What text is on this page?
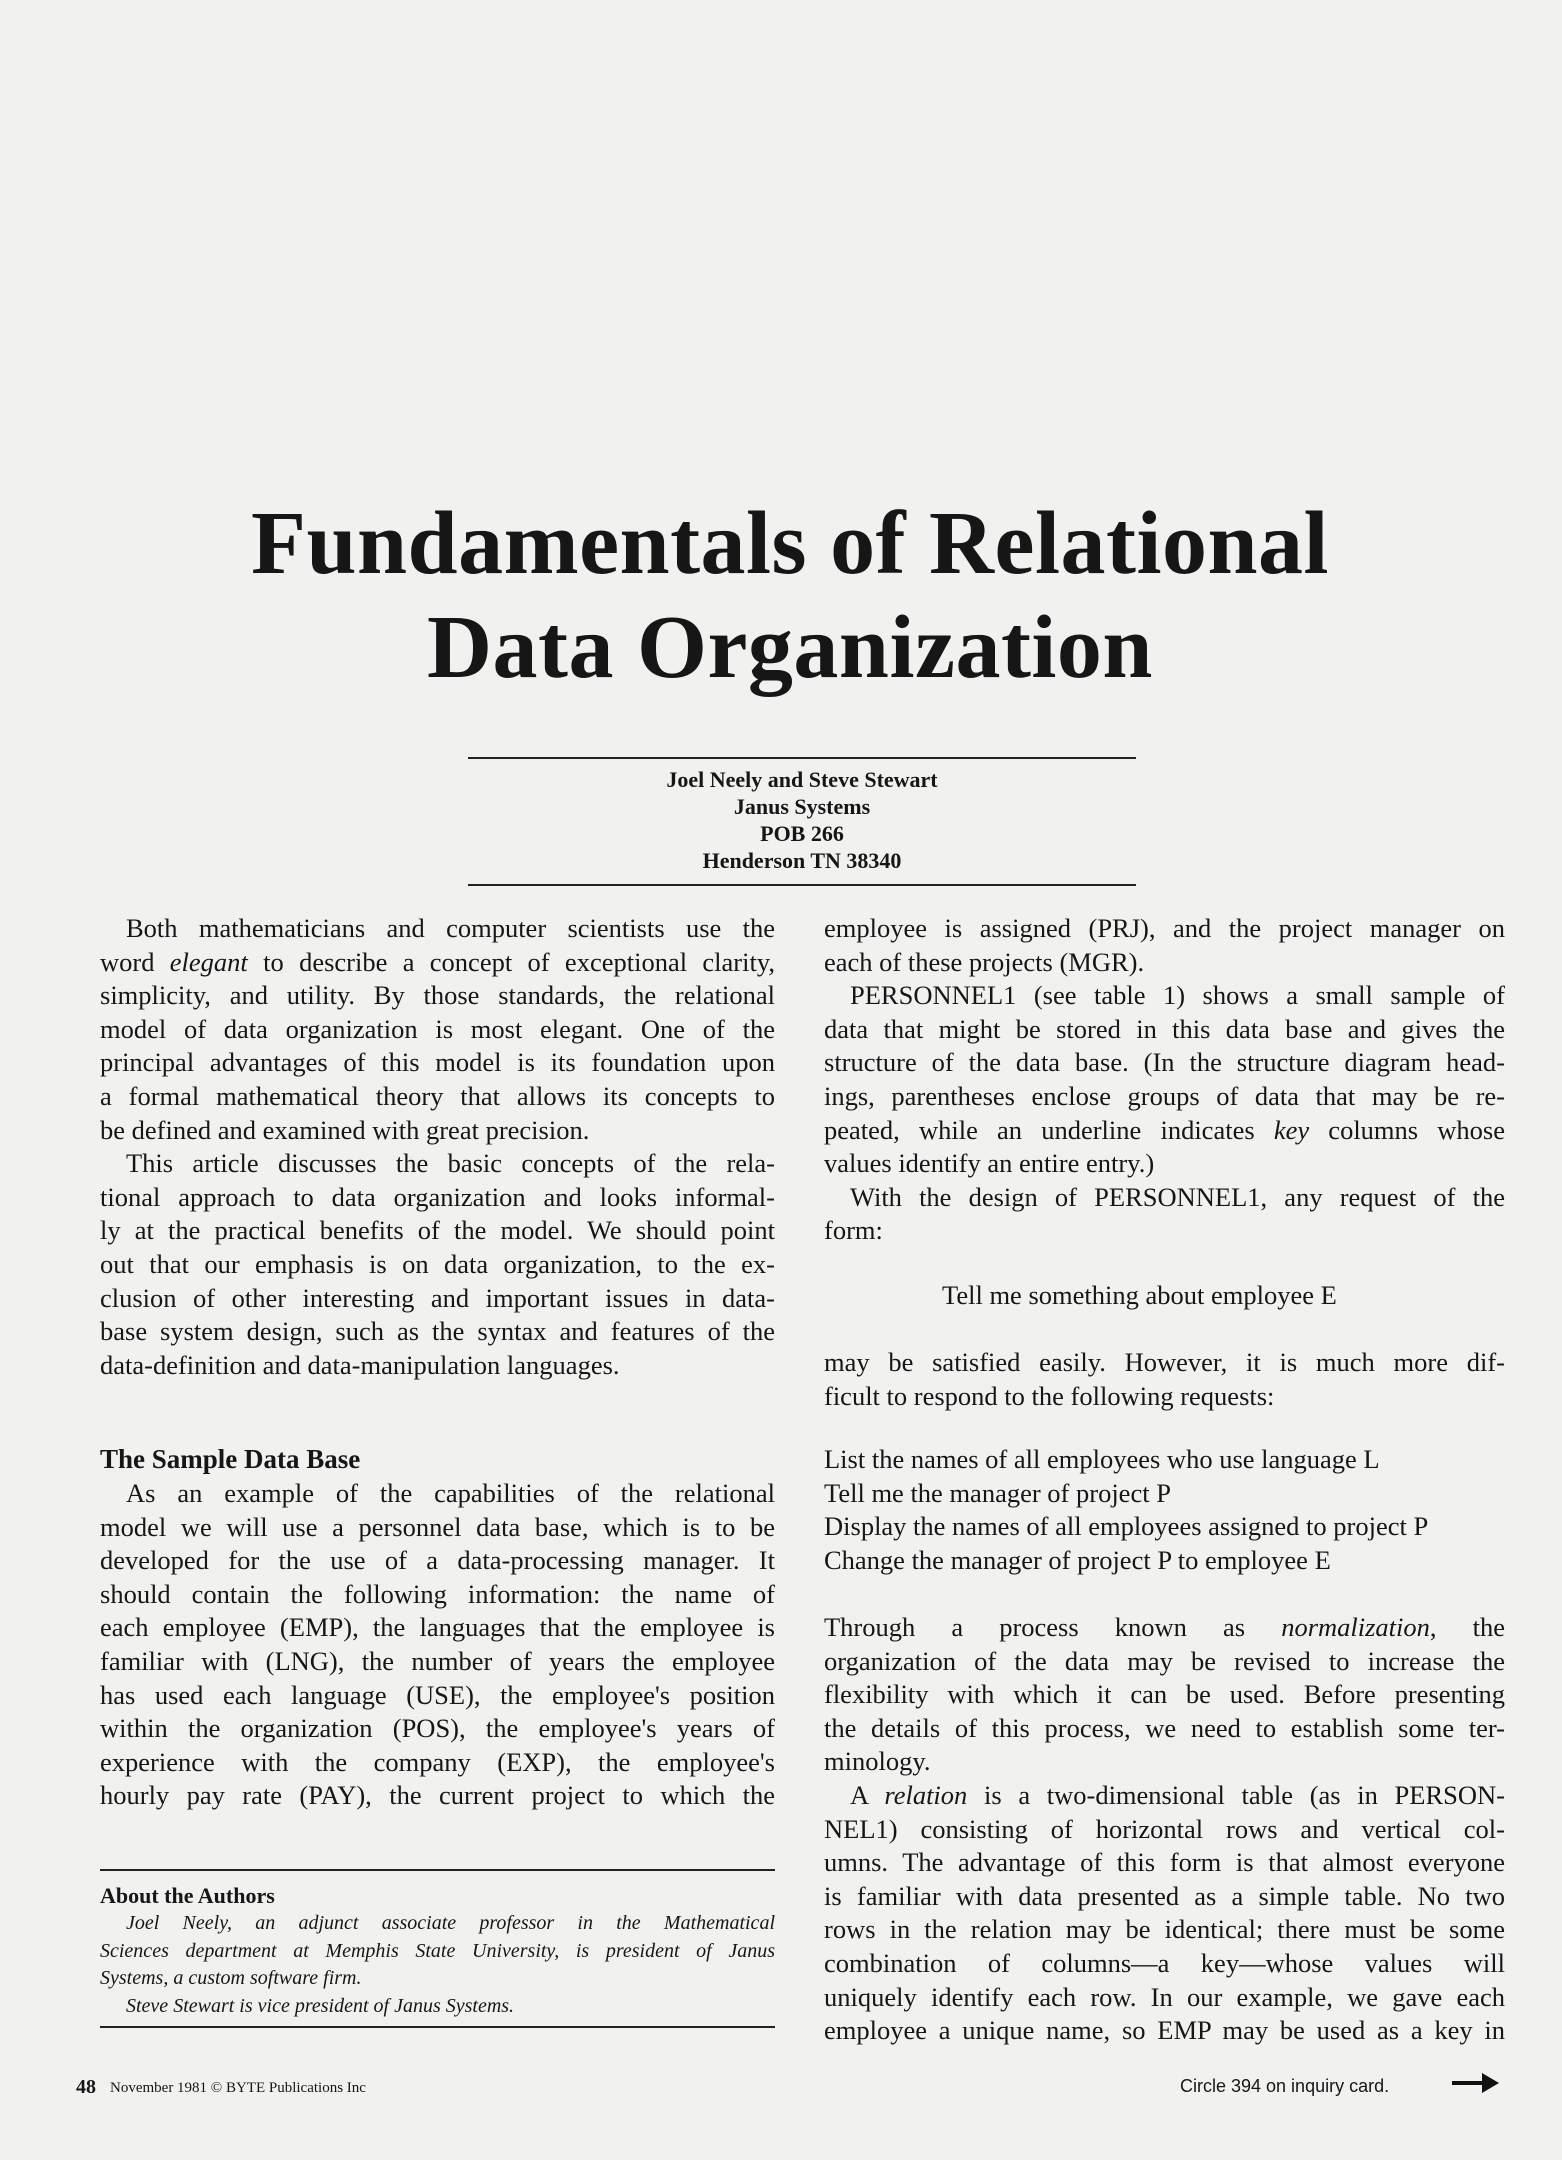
Fundamentals of Relational
Data Organization
Joel Neely and Steve Stewart
Janus Systems
POB 266
Henderson TN 38340
Both mathematicians and computer scientists use the
word elegant to describe a concept of exceptional clarity,
simplicity, and utility. By those standards, the relational
model of data organization is most elegant. One of the
principal advantages of this model is its foundation upon
a formal mathematical theory that allows its concepts to
be defined and examined with great precision.
This article discusses the basic concepts of the rela-
tional approach to data organization and looks informal-
ly at the practical benefits of the model. We should point
out that our emphasis is on data organization, to the ex-
clusion of other interesting and important issues in data-
base system design, such as the syntax and features of the
data-definition and data-manipulation languages.
The Sample Data Base
As an example of the capabilities of the relational
model we will use a personnel data base, which is to be
developed for the use of a data-processing manager. It
should contain the following information: the name of
each employee (EMP), the languages that the employee is
familiar with (LNG), the number of years the employee
has used each language (USE), the employee's position
within the organization (POS), the employee's years of
experience with the company (EXP), the employee's
hourly pay rate (PAY), the current project to which the
About the Authors
Joel Neely, an adjunct associate professor in the Mathematical
Sciences department at Memphis State University, is president of Janus
Systems, a custom software firm.
Steve Stewart is vice president of Janus Systems.
employee is assigned (PRJ), and the project manager on
each of these projects (MGR).
PERSONNEL1 (see table 1) shows a small sample of
data that might be stored in this data base and gives the
structure of the data base. (In the structure diagram head-
ings, parentheses enclose groups of data that may be re-
peated, while an underline indicates key columns whose
values identify an entire entry.)
With the design of PERSONNEL1, any request of the
form:
Tell me something about employee E
may be satisfied easily. However, it is much more dif-
ficult to respond to the following requests:
List the names of all employees who use language L
Tell me the manager of project P
Display the names of all employees assigned to project P
Change the manager of project P to employee E
Through a process known as normalization, the
organization of the data may be revised to increase the
flexibility with which it can be used. Before presenting
the details of this process, we need to establish some ter-
minology.
A relation is a two-dimensional table (as in PERSON-
NEL1) consisting of horizontal rows and vertical col-
umns. The advantage of this form is that almost everyone
is familiar with data presented as a simple table. No two
rows in the relation may be identical; there must be some
combination of columns—a key—whose values will
uniquely identify each row. In our example, we gave each
employee a unique name, so EMP may be used as a key in
48 November 1981 © BYTE Publications Inc	Circle 394 on inquiry card.
